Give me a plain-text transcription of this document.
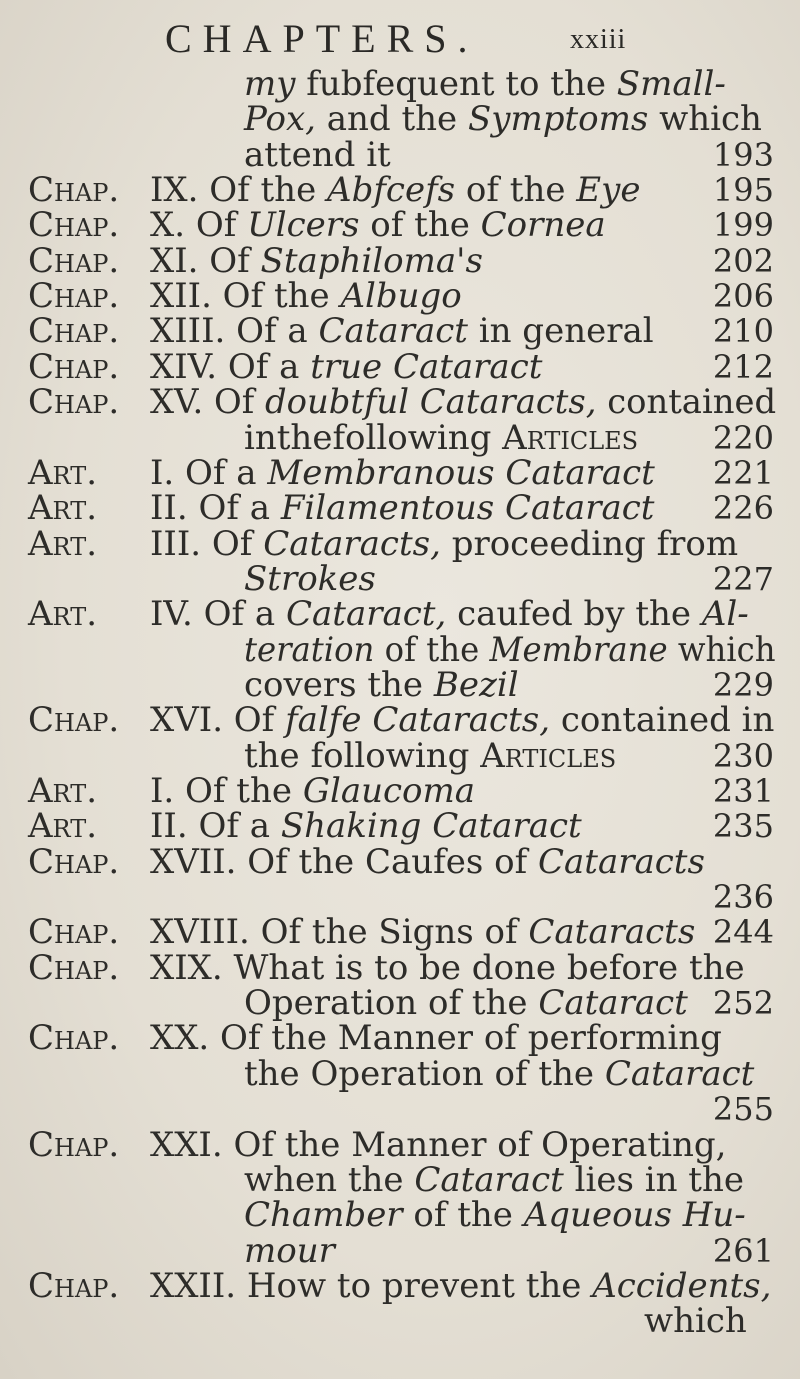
CHAPTERS.	xxiii
my fubfequent to the Small-
Pox, and the Symptoms which
attend it	193
Chap. IX. Of the Abfcefs of the Eye 195
Chap. X. Of Ulcers of the Cornea	199
Chap. XI. Of Staphiloma's	202
Chap. XII. Of the Albugo	206
Chap. XIII. Of a Cataract in general 210
Chap. XIV. Of a true Cataract	212
Chap. XV. Of doubtful Cataracts, contained
inthefollowing Articles 220
Art. I. Of a Membranous Cataract 221
Art. II. Of a Filamentous Cataract 226
Art. III. Of Cataracts, proceeding from
Strokes	227
Art. IV. Of a Cataract, caufed by the Al-
teration of the Membrane which
covers the Bezil	229
Chap. XVI. Of falfe Cataracts, contained in
the following Articles	230
Art. I. Of the Glaucoma	231
Art. II. Of a Shaking Cataract	235
Chap. XVII. Of the Caufes of Cataracts
236
Chap. XVIII. Of the Signs of Cataracts 244
Chap. XIX. What is to be done before the
Operation of the Cataract 252
Chap. XX. Of the Manner of performing
the Operation of the Cataract
255
Chap. XXI. Of the Manner of Operating,
when the Cataract lies in the
Chamber of the Aqueous Hu-
mour	261
Chap. XXII. How to prevent the Accidents,
which
